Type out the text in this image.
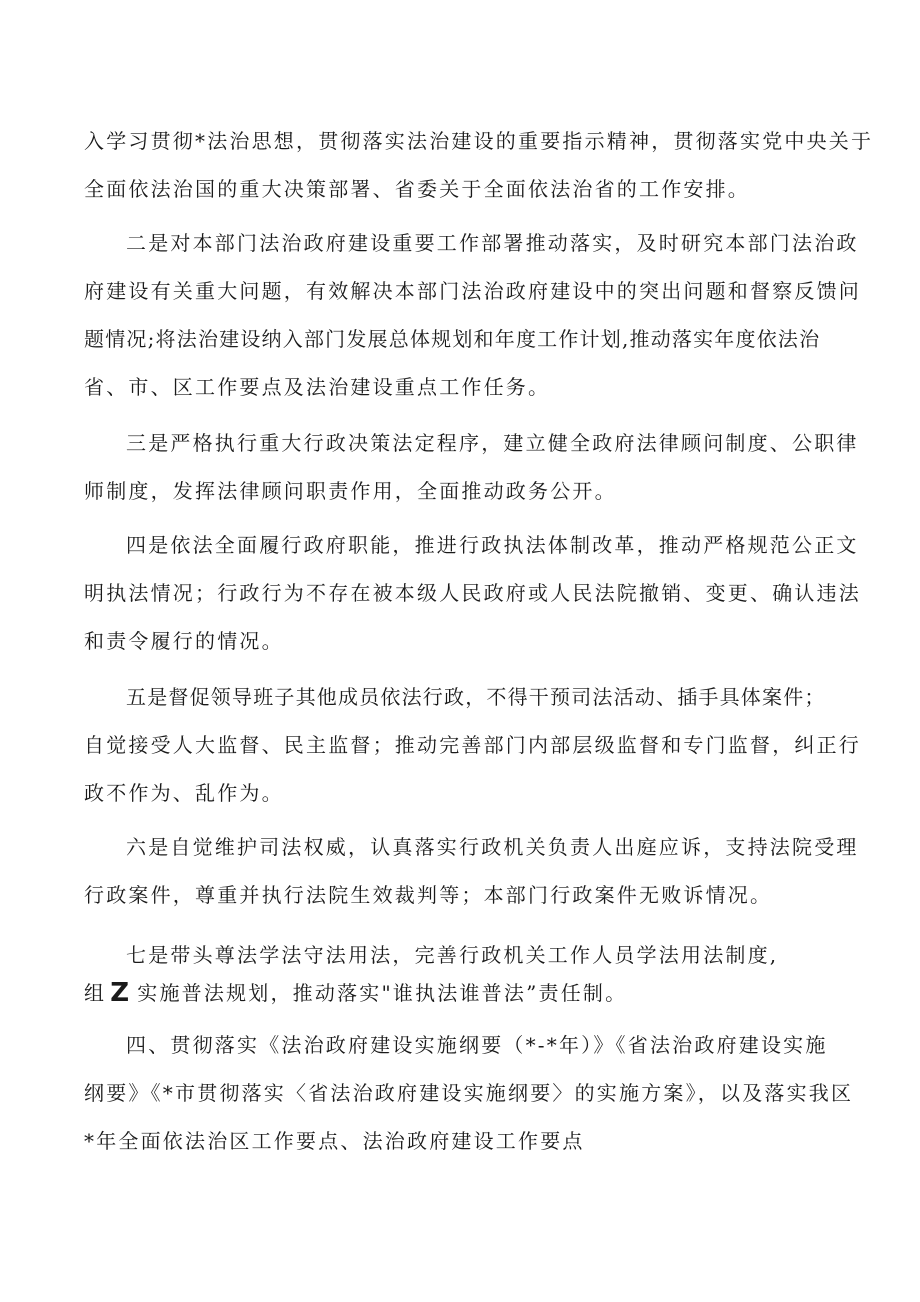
入学习贯彻*法治思想，贯彻落实法治建设的重要指示精神，贯彻落实党中央关于
全面依法治国的重大决策部署、省委关于全面依法治省的工作安排。
二是对本部门法治政府建设重要工作部署推动落实，及时研究本部门法治政
府建设有关重大问题，有效解决本部门法治政府建设中的突出问题和督察反馈问
题情况;将法治建设纳入部门发展总体规划和年度工作计划,推动落实年度依法治
省、市、区工作要点及法治建设重点工作任务。
三是严格执行重大行政决策法定程序，建立健全政府法律顾问制度、公职律
师制度，发挥法律顾问职责作用，全面推动政务公开。
四是依法全面履行政府职能，推进行政执法体制改革，推动严格规范公正文
明执法情况；行政行为不存在被本级人民政府或人民法院撤销、变更、确认违法
和责令履行的情况。
五是督促领导班子其他成员依法行政，不得干预司法活动、插手具体案件；
自觉接受人大监督、民主监督；推动完善部门内部层级监督和专门监督，纠正行
政不作为、乱作为。
六是自觉维护司法权威，认真落实行政机关负责人出庭应诉，支持法院受理
行政案件，尊重并执行法院生效裁判等；本部门行政案件无败诉情况。
七是带头尊法学法守法用法，完善行政机关工作人员学法用法制度,
组 Z 实施普法规划，推动落实"谁执法谁普法”责任制。
四、贯彻落实《法治政府建设实施纲要（*-*年）》《省法治政府建设实施
纲要》《*市贯彻落实〈省法治政府建设实施纲要〉的实施方案》，以及落实我区
*年全面依法治区工作要点、法治政府建设工作要点
